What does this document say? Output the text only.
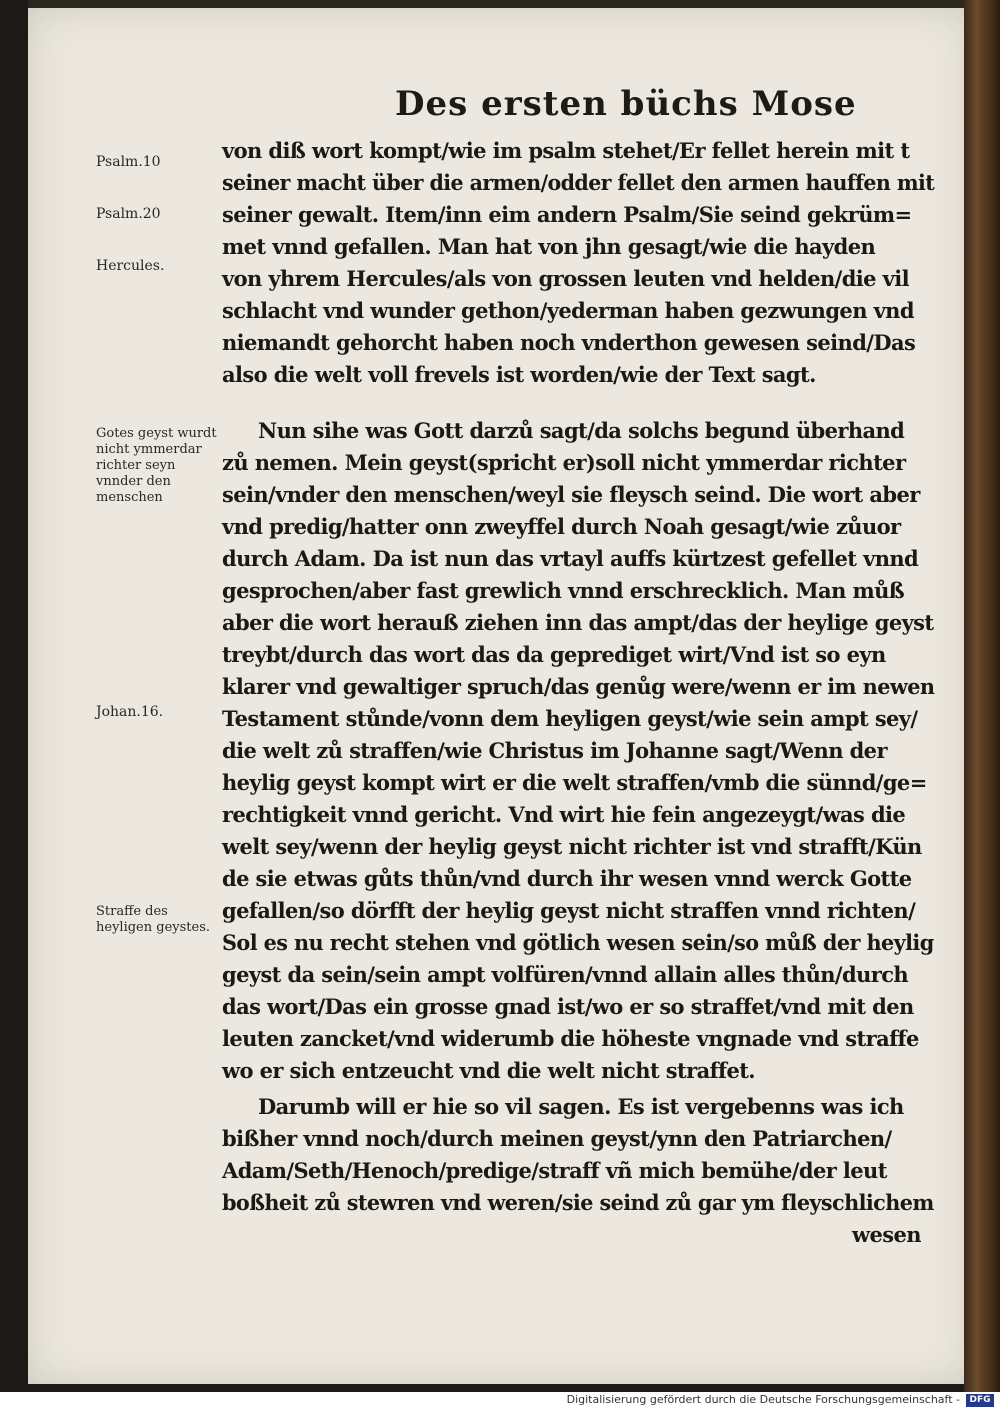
Des ersten büchs Mose
Psalm.10
Psalm.20
Hercules.
Gotes geyst wurdt nicht ymmerdar richter seyn vnnder den menschen
Johan.16.
Straffe des heyligen geystes.
von diß wort kompt/wie im psalm stehet/Er fellet herein mit t
seiner macht über die armen/odder fellet den armen hauffen mit
seiner gewalt. Item/inn eim andern Psalm/Sie seind gekrüm=
met vnnd gefallen. Man hat von jhn gesagt/wie die hayden
von yhrem Hercules/als von grossen leuten vnd helden/die vil
schlacht vnd wunder gethon/yederman haben gezwungen vnd
niemandt gehorcht haben noch vnderthon gewesen seind/Das
also die welt voll frevels ist worden/wie der Text sagt.
Nun sihe was Gott darzů sagt/da solchs begund überhand
zů nemen. Mein geyst(spricht er)soll nicht ymmerdar richter
sein/vnder den menschen/weyl sie fleysch seind. Die wort aber
vnd predig/hatter onn zweyffel durch Noah gesagt/wie zůuor
durch Adam. Da ist nun das vrtayl auffs kürtzest gefellet vnnd
gesprochen/aber fast grewlich vnnd erschrecklich. Man můß
aber die wort herauß ziehen inn das ampt/das der heylige geyst
treybt/durch das wort das da geprediget wirt/Vnd ist so eyn
klarer vnd gewaltiger spruch/das genůg were/wenn er im newen
Testament stůnde/vonn dem heyligen geyst/wie sein ampt sey/
die welt zů straffen/wie Christus im Johanne sagt/Wenn der
heylig geyst kompt wirt er die welt straffen/vmb die sünnd/ge=
rechtigkeit vnnd gericht. Vnd wirt hie fein angezeygt/was die
welt sey/wenn der heylig geyst nicht richter ist vnd strafft/Kün
de sie etwas gůts thůn/vnd durch ihr wesen vnnd werck Gotte
gefallen/so dörfft der heylig geyst nicht straffen vnnd richten/
Sol es nu recht stehen vnd götlich wesen sein/so můß der heylig
geyst da sein/sein ampt volfüren/vnnd allain alles thůn/durch
das wort/Das ein grosse gnad ist/wo er so straffet/vnd mit den
leuten zancket/vnd widerumb die höheste vngnade vnd straffe
wo er sich entzeucht vnd die welt nicht straffet.
Darumb will er hie so vil sagen. Es ist vergebenns was ich
bißher vnnd noch/durch meinen geyst/ynn den Patriarchen/
Adam/Seth/Henoch/predige/straff vñ mich bemühe/der leut
boßheit zů stewren vnd weren/sie seind zů gar ym fleyschlichem
wesen
Digitalisierung gefördert durch die Deutsche Forschungsgemeinschaft -	DFG
